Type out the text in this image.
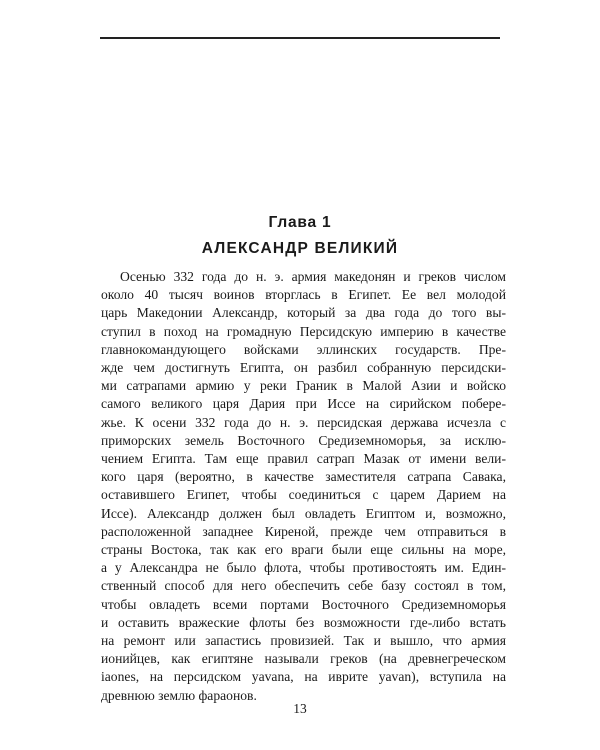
Глава 1
АЛЕКСАНДР ВЕЛИКИЙ

Осенью 332 года до н. э. армия македонян и греков числом
около 40 тысяч воинов вторглась в Египет. Ее вел молодой
царь Македонии Александр, который за два года до того вы-
ступил в поход на громадную Персидскую империю в качестве
главнокомандующего войсками эллинских государств. Пре-
жде чем достигнуть Египта, он разбил собранную персидски-
ми сатрапами армию у реки Граник в Малой Азии и войско
самого великого царя Дария при Иссе на сирийском побере-
жье. К осени 332 года до н. э. персидская держава исчезла с
приморских земель Восточного Средиземноморья, за исклю-
чением Египта. Там еще правил сатрап Мазак от имени вели-
кого царя (вероятно, в качестве заместителя сатрапа Савака,
оставившего Египет, чтобы соединиться с царем Дарием на
Иссе). Александр должен был овладеть Египтом и, возможно,
расположенной западнее Киреной, прежде чем отправиться в
страны Востока, так как его враги были еще сильны на море,
а у Александра не было флота, чтобы противостоять им. Един-
ственный способ для него обеспечить себе базу состоял в том,
чтобы овладеть всеми портами Восточного Средиземноморья
и оставить вражеские флоты без возможности где-либо встать
на ремонт или запастись провизией. Так и вышло, что армия
ионийцев, как египтяне называли греков (на древнегреческом
iaones, на персидском yavana, на иврите yavan), вступила на
древнюю землю фараонов.

13
